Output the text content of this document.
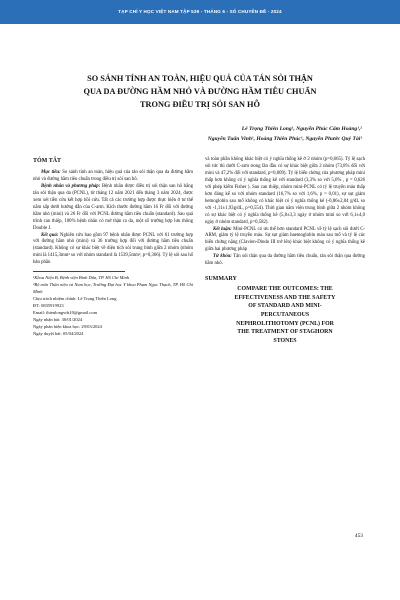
TẠP CHÍ Y HỌC VIỆT NAM TẬP 539 - THÁNG 6 - SỐ CHUYÊN ĐỀ - 2024
SO SÁNH TÍNH AN TOÀN, HIỆU QUẢ CỦA TÁN SỎI THẬN
QUA DA ĐƯỜNG HẦM NHỎ VÀ ĐƯỜNG HẦM TIÊU CHUẨN
TRONG ĐIỀU TRỊ SỎI SAN HÔ
Lê Trọng Thiên Long¹, Nguyễn Phúc Cẩm Hoàng¹,²
Nguyễn Tuấn Vinh¹, Hoàng Thiên Phúc¹, Nguyễn Phước Quý Tài¹
TÓM TẮT

Mục tiêu: So sánh tính an toàn, hiệu quả của tán sỏi thận qua da đường hầm nhỏ và đường hầm tiêu chuẩn trong điều trị sỏi san hô.

Bệnh nhân và phương pháp: Bệnh nhân được điều trị sỏi thận san hô bằng tán sỏi thận qua da (PCNL), từ tháng 12 năm 2021 đến tháng 3 năm 2024, được xem xét tiền cứu kết hợp hồi cứu. Tất cả các trường hợp được thực hiện ở tư thế nằm sấp dưới hướng dẫn của C-arm. Kích thước đường hầm 16 Fr đối với đường hầm nhỏ (mini) và 26 Fr đối với PCNL đường hầm tiêu chuẩn (standard). Sau quá trình can thiệp, 100% bệnh nhân có mở thận ra da, một số trường hợp lưu thông Double J.

Kết quả: Nghiên cứu bao gồm 97 bệnh nhân được PCNL với 61 trường hợp với đường hầm nhỏ (mini) và 36 trường hợp đối với đường hầm tiêu chuẩn (standard). Không có sự khác biệt về diện tích sỏi trung bình giữa 2 nhóm (nhóm mini là 1415,3mm² so với nhóm standard là 1539,5mm², p=0,366). Tỷ lệ sỏi sau hố bản phần

¹Khoa Niệu B, Bệnh viện Bình Dân, TP. Hồ Chí Minh
²Bộ môn Thận niệu và Nam học, Trường Đại học Y khoa Phạm Ngọc Thạch, TP. Hồ Chí Minh
Chịu trách nhiệm chính: Lê Trọng Thiên Long
ĐT: 0835919923
Email: thienlongvds10@gmail.com
Ngày nhận bài: 30/01/2024
Ngày phản biện khoa học: 29/03/2024
Ngày duyệt bài: 05/04/2024

và toàn phần không khác biệt có ý nghĩa thống kê ở 2 nhóm (p=0,665). Tỷ lệ sạch sỏi tức thì dưới C-arm trong lần đầu có sự khác biệt giữa 2 nhóm (73,8% đối với mini và 47,2% đối với standard, p=0,009). Tỷ lệ biến chứng của phương pháp mini thấp hơn không có ý nghĩa thống kê với standard (3,3% so với 5,6% , p = 0,626 với phép kiểm Fisher ). Sau can thiệp, nhóm mini-PCNL có tỷ lệ truyền máu thấp hơn đáng kể so với nhóm standard (16,7% so với 1,6%, p = 0,01), sự sụt giảm hemoglobin sau mổ không có khác biệt có ý nghĩa thống kê (-0,86±2,04 g/dL so với -1,11±1,93g/dL, p=0,554). Thời gian nằm viện trung bình giữa 2 nhóm không có sự khác biệt có ý nghĩa thống kê (5,8±3,3 ngày ở nhóm mini so với 6,1±4,0 ngày ở nhóm standard, p=0,582).

Kết luận: Mini-PCNL có ưu thế hơn standard PCNL về tỷ lệ sạch sỏi dưới C-ARM, giảm tỷ lệ truyền máu. Sự sụt giảm haemoglobin máu sau mổ và tỷ lệ các biến chứng nặng (Clavien-Dindo III trở lên) khác biệt không có ý nghĩa thống kê giữa hai phương pháp

Từ khóa: Tán sỏi thận qua da đường hầm tiêu chuẩn, tán sỏi thận qua đường hầm nhỏ.

SUMMARY
COMPARE THE OUTCOMES: THE
EFFECTIVENESS AND THE SAFETY
OF STANDARD AND MINI-
PERCUTANEOUS
NEPHROLITHOTOMY (PCNL) FOR
THE TREATMENT OF STAGHORN
STONES
453
